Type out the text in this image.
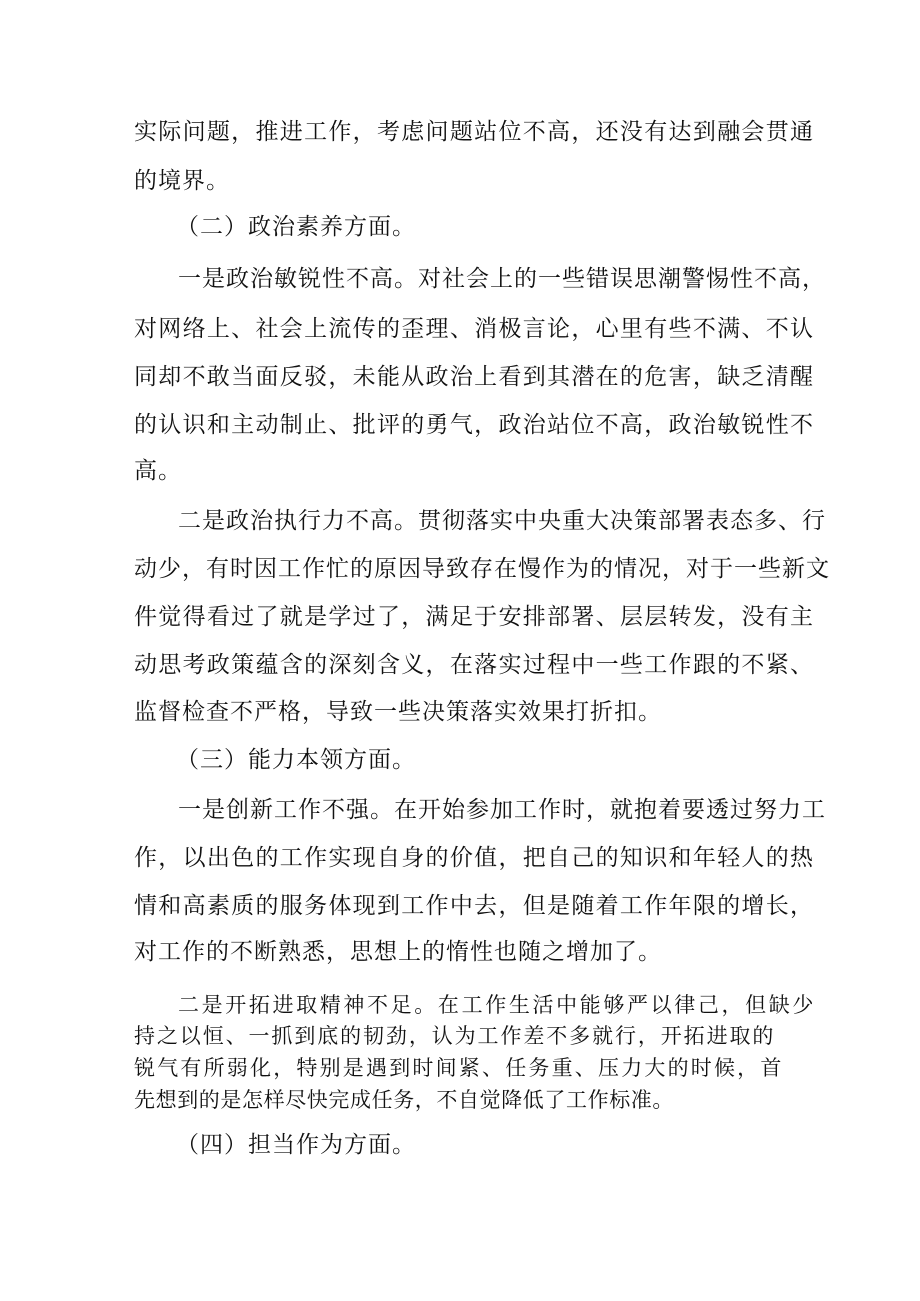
实际问题，推进工作，考虑问题站位不高，还没有达到融会贯通
的境界。
（二）政治素养方面。
一是政治敏锐性不高。对社会上的一些错误思潮警惕性不高，
对网络上、社会上流传的歪理、消极言论，心里有些不满、不认
同却不敢当面反驳，未能从政治上看到其潜在的危害，缺乏清醒
的认识和主动制止、批评的勇气，政治站位不高，政治敏锐性不
高。
二是政治执行力不高。贯彻落实中央重大决策部署表态多、行
动少，有时因工作忙的原因导致存在慢作为的情况，对于一些新文
件觉得看过了就是学过了，满足于安排部署、层层转发，没有主
动思考政策蕴含的深刻含义，在落实过程中一些工作跟的不紧、
监督检查不严格，导致一些决策落实效果打折扣。
（三）能力本领方面。
一是创新工作不强。在开始参加工作时，就抱着要透过努力工
作，以出色的工作实现自身的价值，把自己的知识和年轻人的热
情和高素质的服务体现到工作中去，但是随着工作年限的增长，
对工作的不断熟悉，思想上的惰性也随之增加了。
二是开拓进取精神不足。在工作生活中能够严以律己，但缺少
持之以恒、一抓到底的韧劲，认为工作差不多就行，开拓进取的
锐气有所弱化，特别是遇到时间紧、任务重、压力大的时候，首
先想到的是怎样尽快完成任务，不自觉降低了工作标准。
（四）担当作为方面。
